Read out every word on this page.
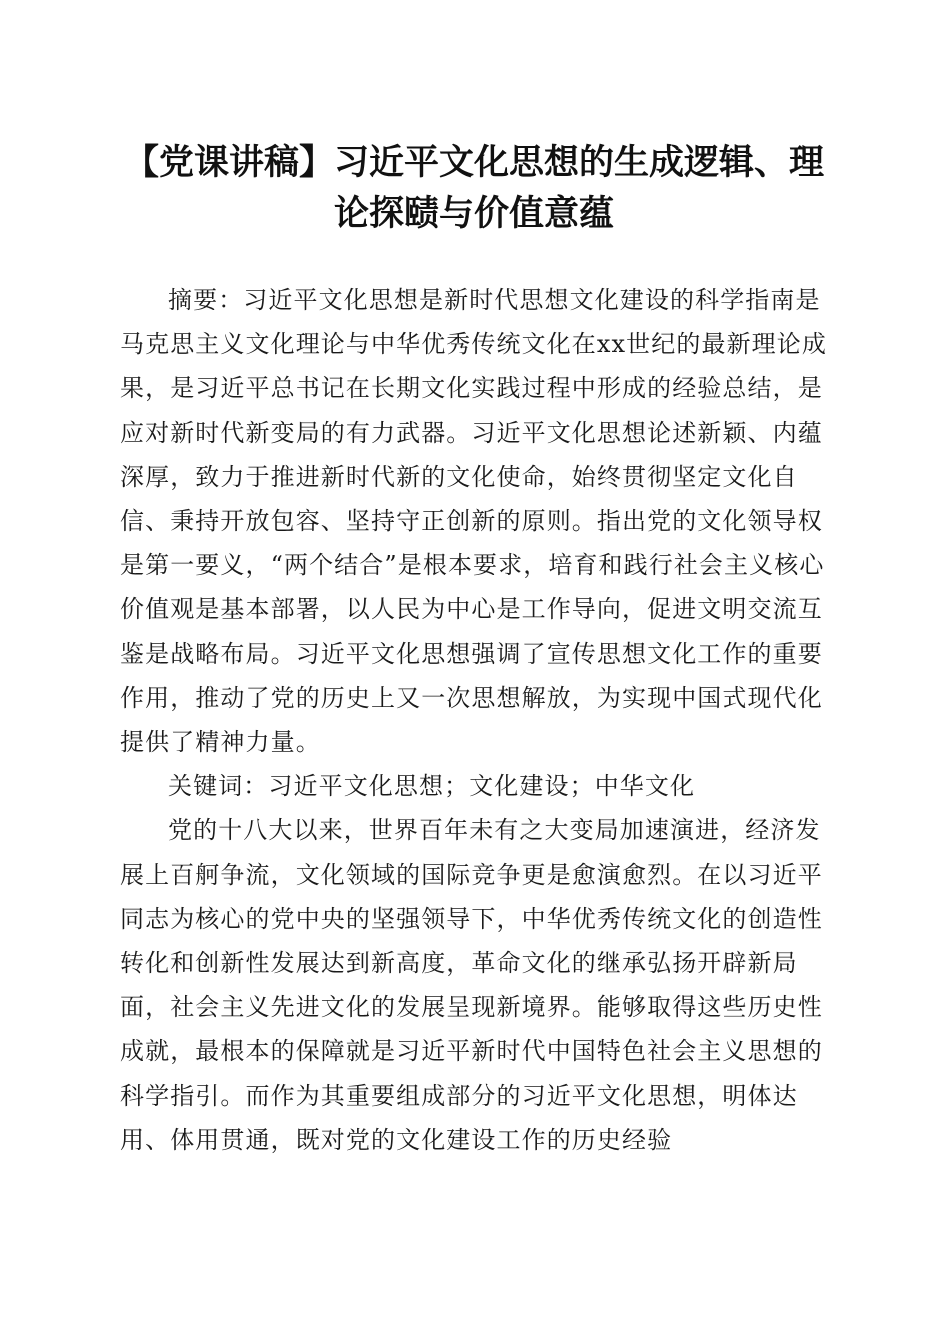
【党课讲稿】习近平文化思想的生成逻辑、理
论探赜与价值意蕴

摘要：习近平文化思想是新时代思想文化建设的科学指南是马克思主义文化理论与中华优秀传统文化在xx世纪的最新理论成果，是习近平总书记在长期文化实践过程中形成的经验总结，是应对新时代新变局的有力武器。习近平文化思想论述新颖、内蕴深厚，致力于推进新时代新的文化使命，始终贯彻坚定文化自信、秉持开放包容、坚持守正创新的原则。指出党的文化领导权是第一要义，“两个结合”是根本要求，培育和践行社会主义核心价值观是基本部署，以人民为中心是工作导向，促进文明交流互鉴是战略布局。习近平文化思想强调了宣传思想文化工作的重要作用，推动了党的历史上又一次思想解放，为实现中国式现代化提供了精神力量。

关键词：习近平文化思想；文化建设；中华文化

党的十八大以来，世界百年未有之大变局加速演进，经济发展上百舸争流，文化领域的国际竞争更是愈演愈烈。在以习近平同志为核心的党中央的坚强领导下，中华优秀传统文化的创造性转化和创新性发展达到新高度，革命文化的继承弘扬开辟新局面，社会主义先进文化的发展呈现新境界。能够取得这些历史性成就，最根本的保障就是习近平新时代中国特色社会主义思想的科学指引。而作为其重要组成部分的习近平文化思想，明体达用、体用贯通，既对党的文化建设工作的历史经验
